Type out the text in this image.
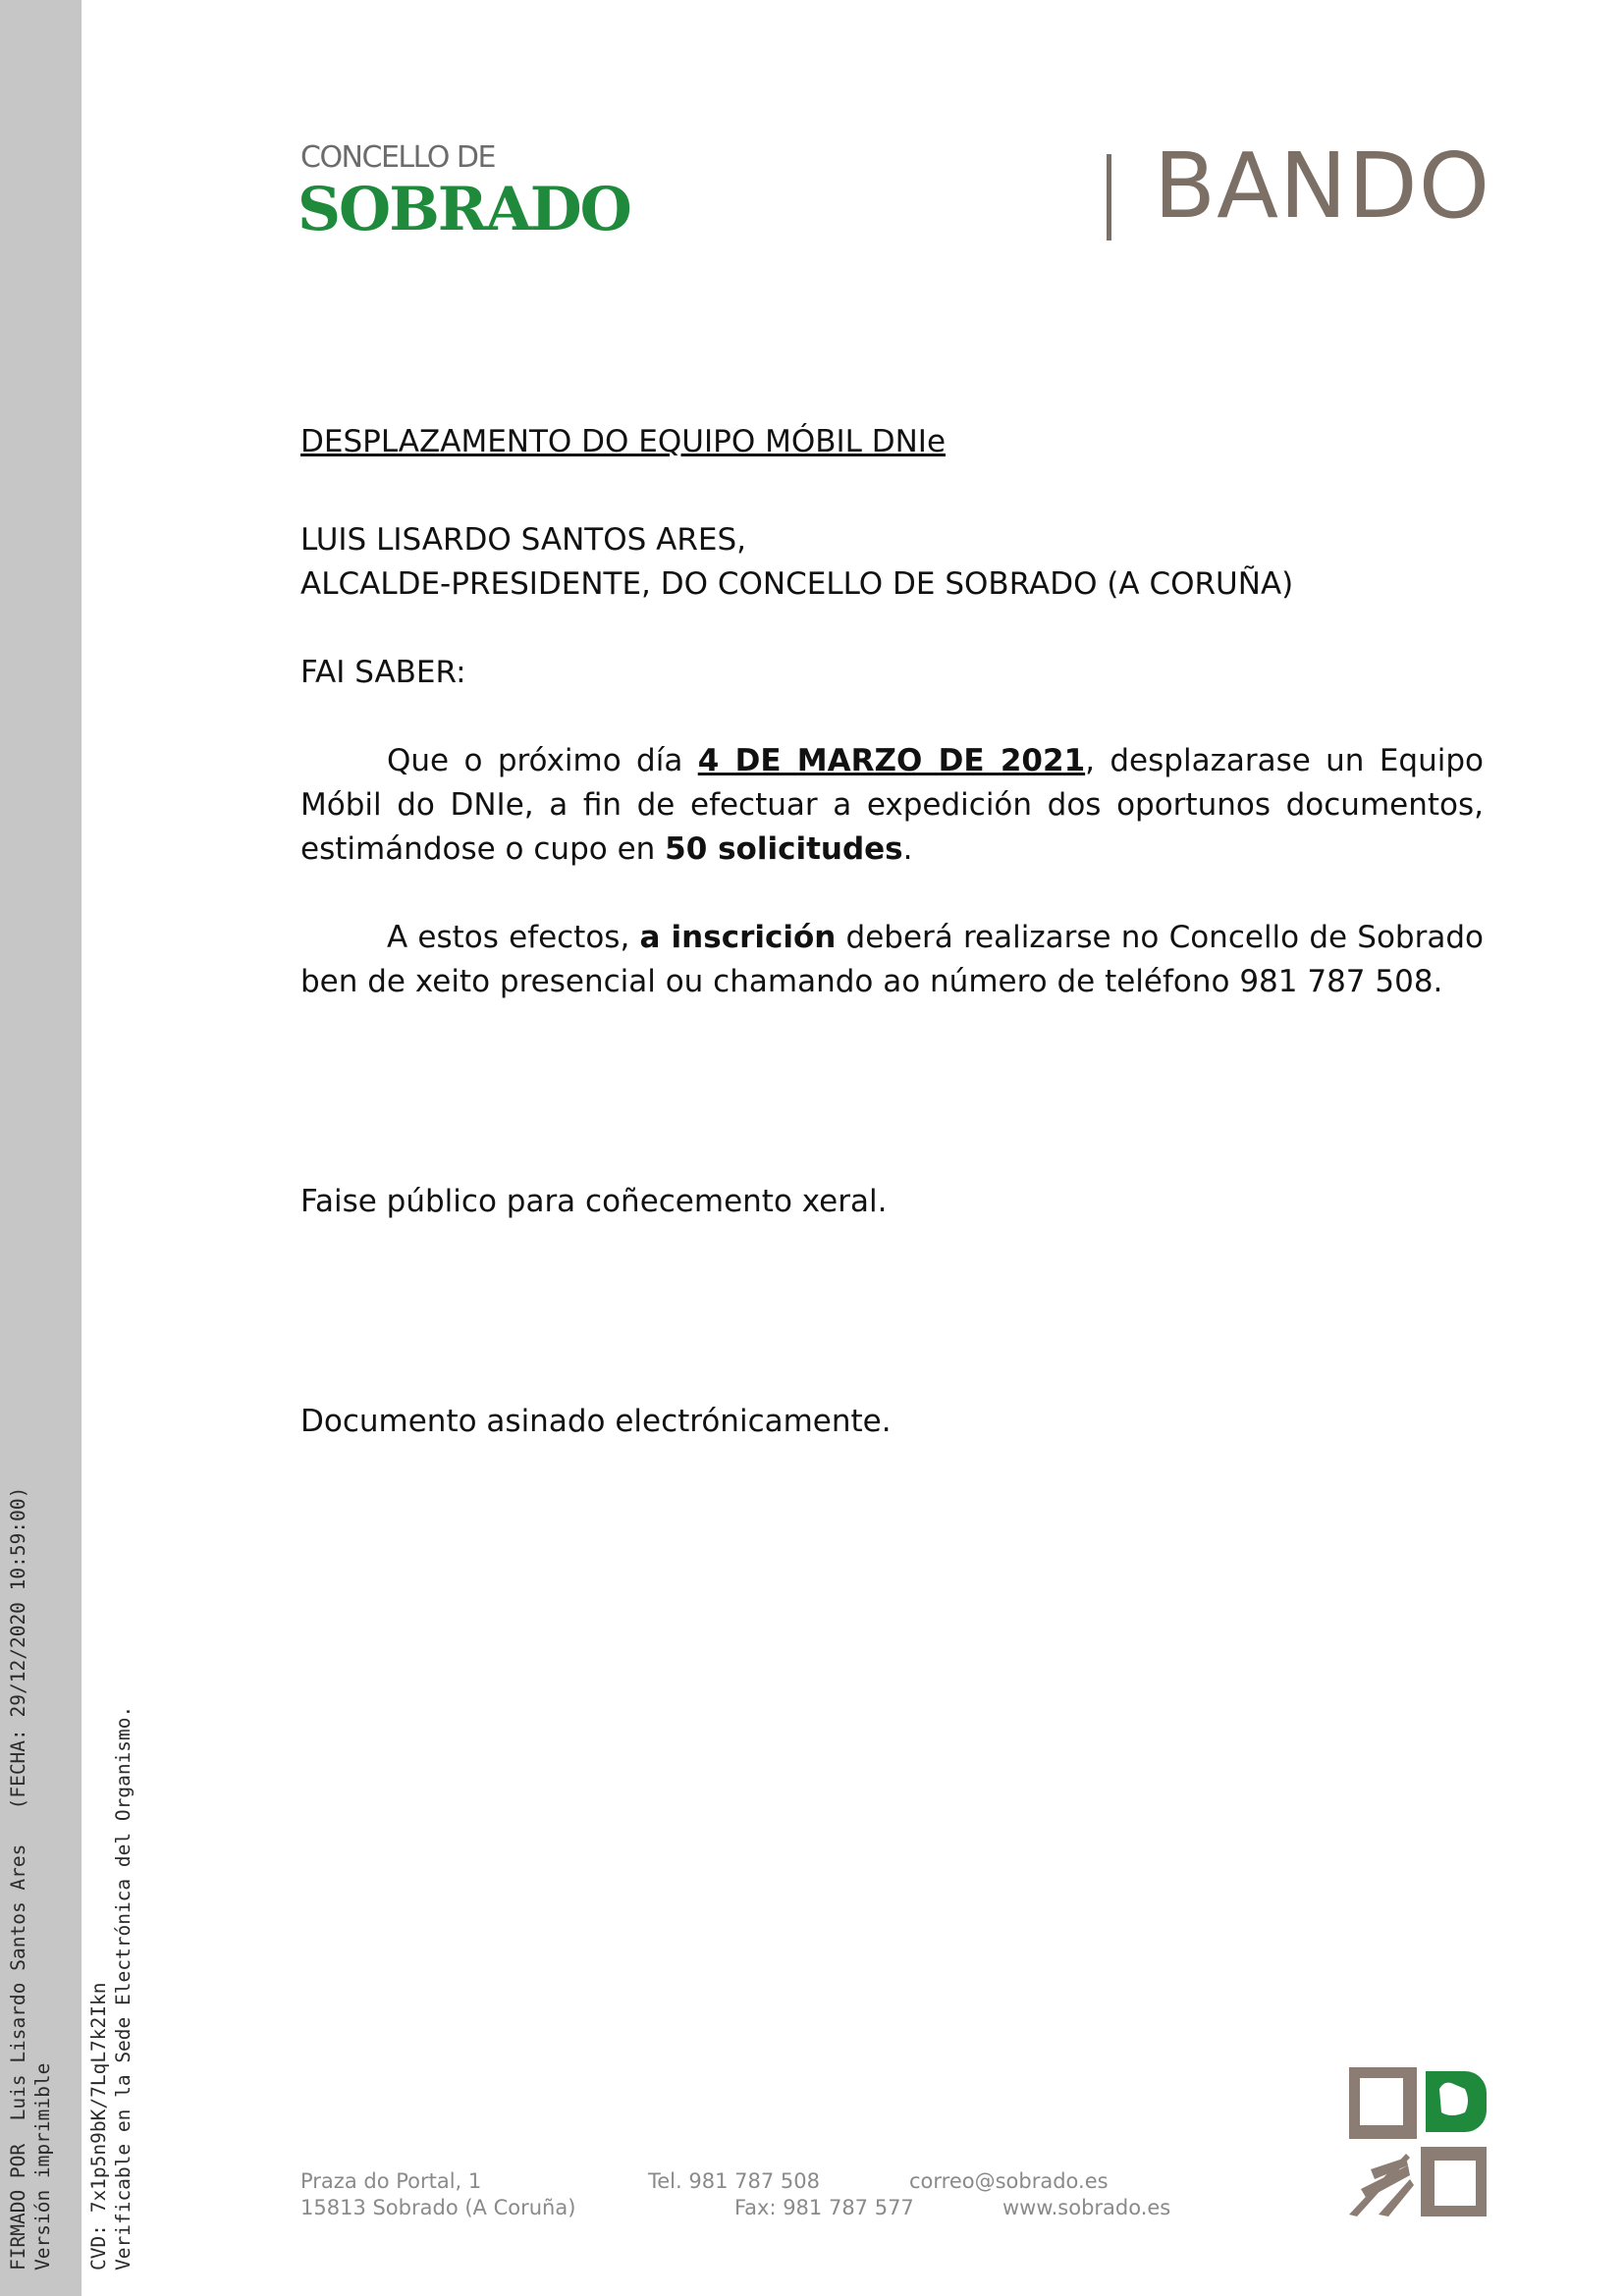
FIRMADO POR  Luis Lisardo Santos Ares   (FECHA: 29/12/2020 10:59:00) Versión imprimible CVD: 7x1p5n9bK/7LqL7k2Ikn Verificable en la Sede Electrónica del Organismo.
CONCELLO DE
SOBRADO	BANDO
DESPLAZAMENTO DO EQUIPO MÓBIL DNIe
LUIS LISARDO SANTOS ARES,
ALCALDE-PRESIDENTE, DO CONCELLO DE SOBRADO (A CORUÑA)
FAI SABER:
Que o próximo día 4 DE MARZO DE 2021, desplazarase un Equipo Móbil do DNIe, a fin de efectuar a expedición dos oportunos documentos, estimándose o cupo en 50 solicitudes.
A estos efectos, a inscrición deberá realizarse no Concello de Sobrado ben de xeito presencial ou chamando ao número de teléfono 981 787 508.
Faise público para coñecemento xeral.
Documento asinado electrónicamente.
Praza do Portal, 1
15813 Sobrado (A Coruña)
Tel. 981 787 508
Fax: 981 787 577
correo@sobrado.es
www.sobrado.es
